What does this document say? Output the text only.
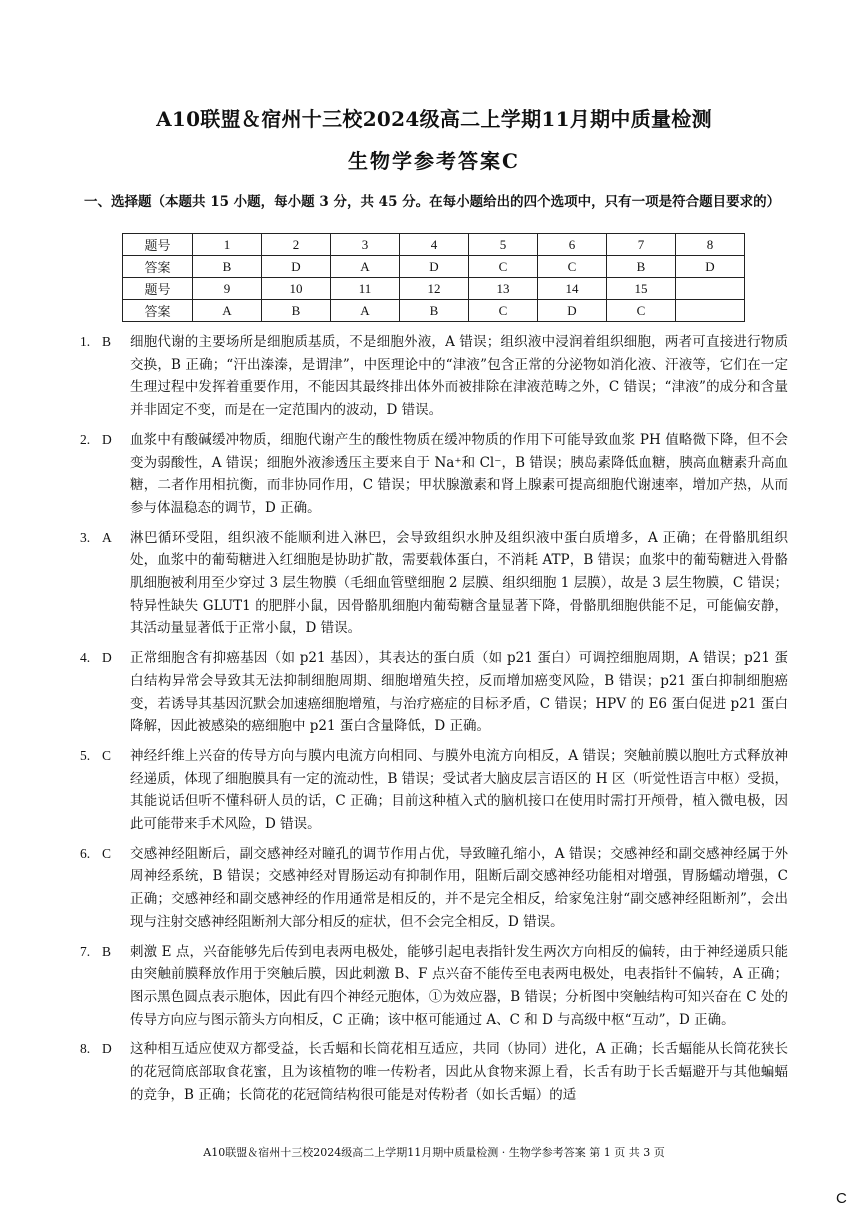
A10联盟＆宿州十三校2024级高二上学期11月期中质量检测
生物学参考答案C
一、选择题（本题共 15 小题，每小题 3 分，共 45 分。在每小题给出的四个选项中，只有一项是符合题目要求的）
题号	1	2	3	4	5	6	7	8
答案	B	D	A	D	C	C	B	D
题号	9	10	11	12	13	14	15	
答案	A	B	A	B	C	D	C	
1. B	细胞代谢的主要场所是细胞质基质，不是细胞外液，A 错误；组织液中浸润着组织细胞，两者可直接进行物质交换，B 正确；“汗出溱溱，是谓津”，中医理论中的“津液”包含正常的分泌物如消化液、汗液等，它们在一定生理过程中发挥着重要作用，不能因其最终排出体外而被排除在津液范畴之外，C 错误；“津液”的成分和含量并非固定不变，而是在一定范围内的波动，D 错误。
2. D	血浆中有酸碱缓冲物质，细胞代谢产生的酸性物质在缓冲物质的作用下可能导致血浆 PH 值略微下降，但不会变为弱酸性，A 错误；细胞外液渗透压主要来自于 Na⁺和 Cl⁻，B 错误；胰岛素降低血糖，胰高血糖素升高血糖，二者作用相抗衡，而非协同作用，C 错误；甲状腺激素和肾上腺素可提高细胞代谢速率，增加产热，从而参与体温稳态的调节，D 正确。
3. A	淋巴循环受阻，组织液不能顺利进入淋巴，会导致组织水肿及组织液中蛋白质增多，A 正确；在骨骼肌组织处，血浆中的葡萄糖进入红细胞是协助扩散，需要载体蛋白，不消耗 ATP，B 错误；血浆中的葡萄糖进入骨骼肌细胞被利用至少穿过 3 层生物膜（毛细血管壁细胞 2 层膜、组织细胞 1 层膜），故是 3 层生物膜，C 错误；特异性缺失 GLUT1 的肥胖小鼠，因骨骼肌细胞内葡萄糖含量显著下降，骨骼肌细胞供能不足，可能偏安静，其活动量显著低于正常小鼠，D 错误。
4. D	正常细胞含有抑癌基因（如 p21 基因），其表达的蛋白质（如 p21 蛋白）可调控细胞周期，A 错误；p21 蛋白结构异常会导致其无法抑制细胞周期、细胞增殖失控，反而增加癌变风险，B 错误；p21 蛋白抑制细胞癌变，若诱导其基因沉默会加速癌细胞增殖，与治疗癌症的目标矛盾，C 错误；HPV 的 E6 蛋白促进 p21 蛋白降解，因此被感染的癌细胞中 p21 蛋白含量降低，D 正确。
5. C	神经纤维上兴奋的传导方向与膜内电流方向相同、与膜外电流方向相反，A 错误；突触前膜以胞吐方式释放神经递质，体现了细胞膜具有一定的流动性，B 错误；受试者大脑皮层言语区的 H 区（听觉性语言中枢）受损，其能说话但听不懂科研人员的话，C 正确；目前这种植入式的脑机接口在使用时需打开颅骨，植入微电极，因此可能带来手术风险，D 错误。
6. C	交感神经阻断后，副交感神经对瞳孔的调节作用占优，导致瞳孔缩小，A 错误；交感神经和副交感神经属于外周神经系统，B 错误；交感神经对胃肠运动有抑制作用，阻断后副交感神经功能相对增强，胃肠蠕动增强，C 正确；交感神经和副交感神经的作用通常是相反的，并不是完全相反，给家兔注射“副交感神经阻断剂”，会出现与注射交感神经阻断剂大部分相反的症状，但不会完全相反，D 错误。
7. B	刺激 E 点，兴奋能够先后传到电表两电极处，能够引起电表指针发生两次方向相反的偏转，由于神经递质只能由突触前膜释放作用于突触后膜，因此刺激 B、F 点兴奋不能传至电表两电极处，电表指针不偏转，A 正确；图示黑色圆点表示胞体，因此有四个神经元胞体，①为效应器，B 错误；分析图中突触结构可知兴奋在 C 处的传导方向应与图示箭头方向相反，C 正确；该中枢可能通过 A、C 和 D 与高级中枢“互动”，D 正确。
8. D	这种相互适应使双方都受益，长舌蝠和长筒花相互适应，共同（协同）进化，A 正确；长舌蝠能从长筒花狭长的花冠筒底部取食花蜜，且为该植物的唯一传粉者，因此从食物来源上看，长舌有助于长舌蝠避开与其他蝙蝠的竞争，B 正确；长筒花的花冠筒结构很可能是对传粉者（如长舌蝠）的适
A10联盟＆宿州十三校2024级高二上学期11月期中质量检测 · 生物学参考答案 第 1 页 共 3 页
C
